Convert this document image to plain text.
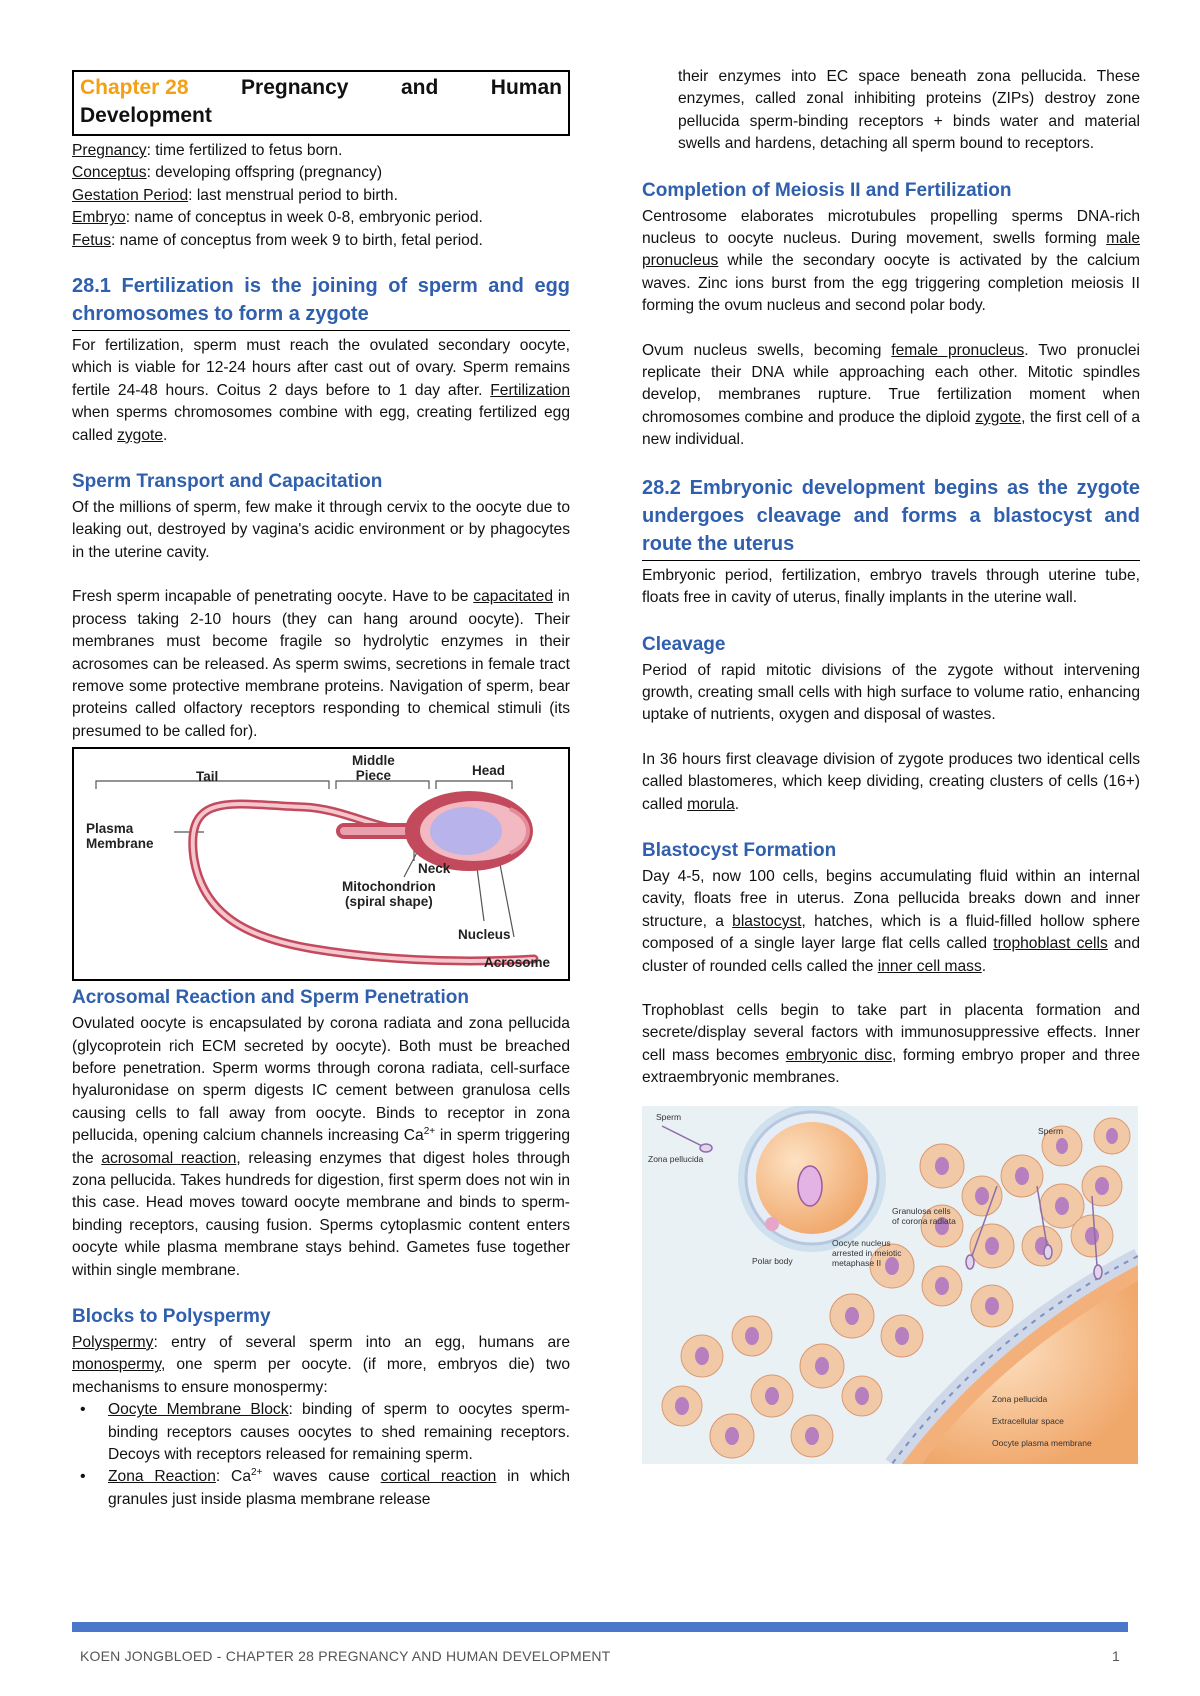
Chapter 28	Pregnancy	and	Human
Development
Pregnancy: time fertilized to fetus born.
Conceptus: developing offspring (pregnancy)
Gestation Period: last menstrual period to birth.
Embryo: name of conceptus in week 0-8, embryonic period.
Fetus: name of conceptus from week 9 to birth, fetal period.
28.1 Fertilization is the joining of sperm and egg chromosomes to form a zygote
For fertilization, sperm must reach the ovulated secondary oocyte, which is viable for 12-24 hours after cast out of ovary. Sperm remains fertile 24-48 hours. Coitus 2 days before to 1 day after. Fertilization when sperms chromosomes combine with egg, creating fertilized egg called zygote.
Sperm Transport and Capacitation
Of the millions of sperm, few make it through cervix to the oocyte due to leaking out, destroyed by vagina's acidic environment or by phagocytes in the uterine cavity.
Fresh sperm incapable of penetrating oocyte. Have to be capacitated in process taking 2-10 hours (they can hang around oocyte). Their membranes must become fragile so hydrolytic enzymes in their acrosomes can be released. As sperm swims, secretions in female tract remove some protective membrane proteins. Navigation of sperm, bear proteins called olfactory receptors responding to chemical stimuli (its presumed to be called for).
Tail
Middle
Piece	Head
Plasma
Membrane
Neck
Mitochondrion
(spiral shape)
Nucleus
Acrosome
Acrosomal Reaction and Sperm Penetration
Ovulated oocyte is encapsulated by corona radiata and zona pellucida (glycoprotein rich ECM secreted by oocyte). Both must be breached before penetration. Sperm worms through corona radiata, cell-surface hyaluronidase on sperm digests IC cement between granulosa cells causing cells to fall away from oocyte. Binds to receptor in zona pellucida, opening calcium channels increasing $Ca^{2+}$ in sperm triggering the acrosomal reaction, releasing enzymes that digest holes through zona pellucida. Takes hundreds for digestion, first sperm does not win in this case. Head moves toward oocyte membrane and binds to sperm-binding receptors, causing fusion. Sperms cytoplasmic content enters oocyte while plasma membrane stays behind. Gametes fuse together within single membrane.
Blocks to Polyspermy
Polyspermy: entry of several sperm into an egg, humans are monospermy, one sperm per oocyte. (if more, embryos die) two mechanisms to ensure monospermy:
• Oocyte Membrane Block: binding of sperm to oocytes sperm-binding receptors causes oocytes to shed remaining receptors. Decoys with receptors released for remaining sperm.
• Zona Reaction: $Ca^{2+}$ waves cause cortical reaction in which granules just inside plasma membrane release
their enzymes into EC space beneath zona pellucida. These enzymes, called zonal inhibiting proteins (ZIPs) destroy zone pellucida sperm-binding receptors + binds water and material swells and hardens, detaching all sperm bound to receptors.
Completion of Meiosis II and Fertilization
Centrosome elaborates microtubules propelling sperms DNA-rich nucleus to oocyte nucleus. During movement, swells forming male pronucleus while the secondary oocyte is activated by the calcium waves. Zinc ions burst from the egg triggering completion meiosis II forming the ovum nucleus and second polar body.
Ovum nucleus swells, becoming female pronucleus. Two pronuclei replicate their DNA while approaching each other. Mitotic spindles develop, membranes rupture. True fertilization moment when chromosomes combine and produce the diploid zygote, the first cell of a new individual.
28.2 Embryonic development begins as the zygote undergoes cleavage and forms a blastocyst and route the uterus
Embryonic period, fertilization, embryo travels through uterine tube, floats free in cavity of uterus, finally implants in the uterine wall.
Cleavage
Period of rapid mitotic divisions of the zygote without intervening growth, creating small cells with high surface to volume ratio, enhancing uptake of nutrients, oxygen and disposal of wastes.
In 36 hours first cleavage division of zygote produces two identical cells called blastomeres, which keep dividing, creating clusters of cells (16+) called morula.
Blastocyst Formation
Day 4-5, now 100 cells, begins accumulating fluid within an internal cavity, floats free in uterus. Zona pellucida breaks down and inner structure, a blastocyst, hatches, which is a fluid-filled hollow sphere composed of a single layer large flat cells called trophoblast cells and cluster of rounded cells called the inner cell mass.
Trophoblast cells begin to take part in placenta formation and secrete/display several factors with immunosuppressive effects. Inner cell mass becomes embryonic disc, forming embryo proper and three extraembryonic membranes.
Sperm
Zona pellucida
Sperm
Granulosa cells
of corona radiata
Oocyte nucleus
arrested in meiotic
metaphase II
Polar body
Zona pellucida
Extracellular space
Oocyte plasma membrane
KOEN JONGBLOED - CHAPTER 28 PREGNANCY AND HUMAN DEVELOPMENT	1
